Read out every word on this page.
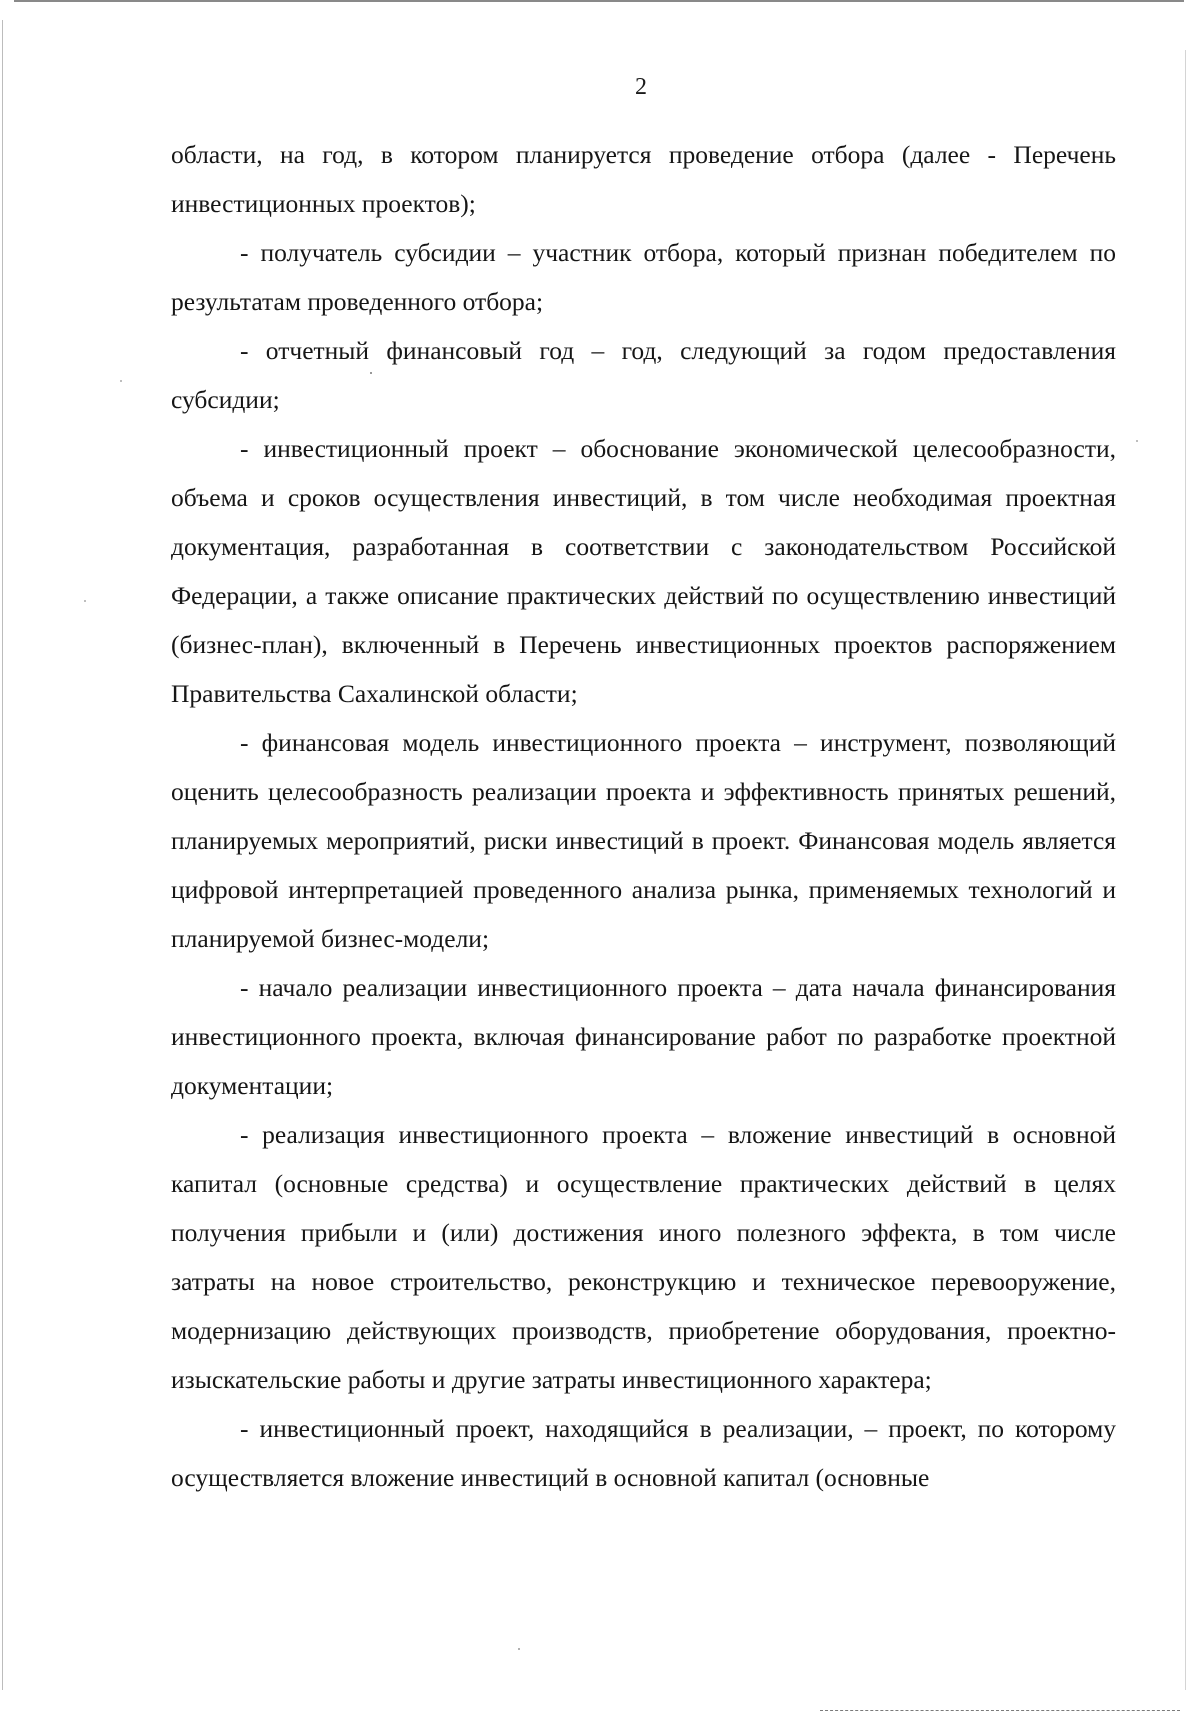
2

области, на год, в котором планируется проведение отбора (далее - Перечень инвестиционных проектов);

- получатель субсидии – участник отбора, который признан победителем по результатам проведенного отбора;

- отчетный финансовый год – год, следующий за годом предоставления субсидии;

- инвестиционный проект – обоснование экономической целесообразности, объема и сроков осуществления инвестиций, в том числе необходимая проектная документация, разработанная в соответствии с законодательством Российской Федерации, а также описание практических действий по осуществлению инвестиций (бизнес-план), включенный в Перечень инвестиционных проектов распоряжением Правительства Сахалинской области;

- финансовая модель инвестиционного проекта – инструмент, позволяющий оценить целесообразность реализации проекта и эффективность принятых решений, планируемых мероприятий, риски инвестиций в проект. Финансовая модель является цифровой интерпретацией проведенного анализа рынка, применяемых технологий и планируемой бизнес-модели;

- начало реализации инвестиционного проекта – дата начала финансирования инвестиционного проекта, включая финансирование работ по разработке проектной документации;

- реализация инвестиционного проекта – вложение инвестиций в основной капитал (основные средства) и осуществление практических действий в целях получения прибыли и (или) достижения иного полезного эффекта, в том числе затраты на новое строительство, реконструкцию и техническое перевооружение, модернизацию действующих производств, приобретение оборудования, проектно-изыскательские работы и другие затраты инвестиционного характера;

- инвестиционный проект, находящийся в реализации, – проект, по которому осуществляется вложение инвестиций в основной капитал (основные
